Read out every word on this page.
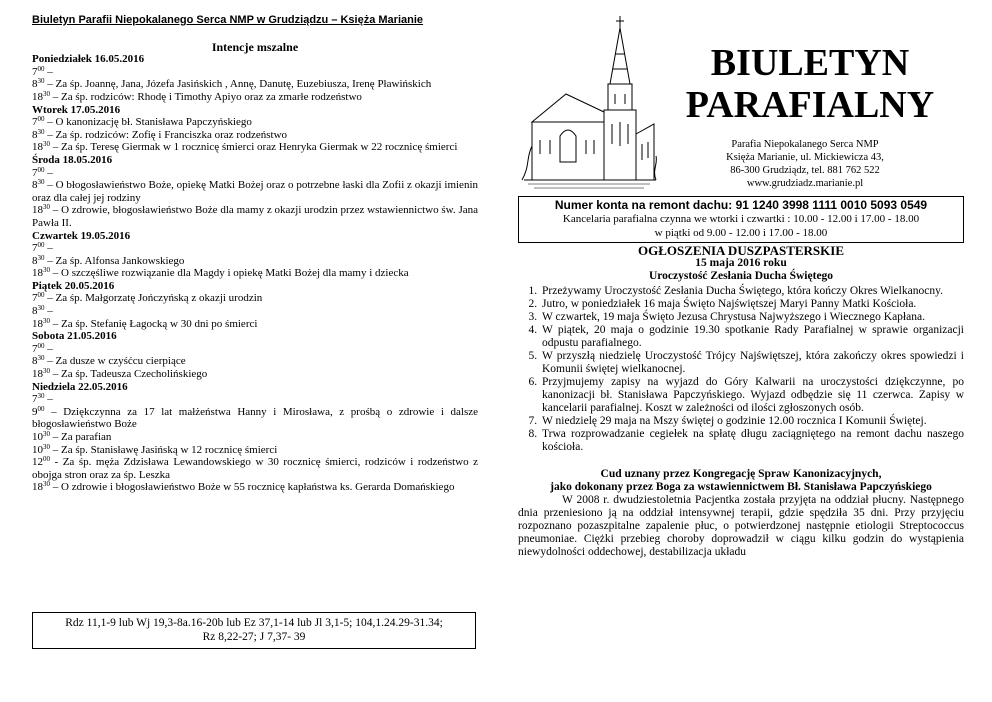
Biuletyn Parafii Niepokalanego Serca NMP w Grudziądzu – Księża Marianie
Intencje mszalne
Poniedziałek 16.05.2016
$7^{00}$ –
$8^{30}$ – Za śp. Joannę, Jana, Józefa Jasińskich , Annę, Danutę, Euzebiusza, Irenę Pławińskich
$18^{30}$ – Za śp. rodziców: Rhodę i Timothy Apiyo oraz za zmarłe rodzeństwo
Wtorek 17.05.2016
$7^{00}$ – O kanonizację bł. Stanisława Papczyńskiego
$8^{30}$ – Za śp. rodziców: Zofię i Franciszka oraz rodzeństwo
$18^{30}$ – Za śp. Teresę Giermak w 1 rocznicę śmierci oraz Henryka Giermak w 22 rocznicę śmierci
Środa 18.05.2016
$7^{00}$ –
$8^{30}$ – O błogosławieństwo Boże, opiekę Matki Bożej oraz o potrzebne łaski dla Zofii z okazji imienin oraz dla całej jej rodziny
$18^{30}$ – O zdrowie, błogosławieństwo Boże dla mamy z okazji urodzin przez wstawiennictwo św. Jana Pawła II.
Czwartek 19.05.2016
$7^{00}$ –
$8^{30}$ – Za śp. Alfonsa Jankowskiego
$18^{30}$ – O szczęśliwe rozwiązanie dla Magdy i opiekę Matki Bożej dla mamy i dziecka
Piątek 20.05.2016
$7^{00}$ – Za śp. Małgorzatę Jończyńską z okazji urodzin
$8^{30}$ –
$18^{30}$ – Za śp. Stefanię Łagocką w 30 dni po śmierci
Sobota 21.05.2016
$7^{00}$ –
$8^{30}$ – Za dusze w czyśćcu cierpiące
$18^{30}$ – Za śp. Tadeusza Czecholińskiego
Niedziela 22.05.2016
$7^{30}$ –
$9^{00}$ – Dziękczynna za 17 lat małżeństwa Hanny i Mirosława, z prośbą o zdrowie i dalsze błogosławieństwo Boże
$10^{30}$ – Za parafian
$10^{30}$ – Za śp. Stanisławę Jasińską w 12 rocznicę śmierci
$12^{00}$ - Za śp. męża Zdzisława Lewandowskiego w 30 rocznicę śmierci, rodziców i rodzeństwo z obojga stron oraz za śp. Leszka
$18^{30}$ – O zdrowie i błogosławieństwo Boże w 55 rocznicę kapłaństwa ks. Gerarda Domańskiego
Rdz 11,1-9 lub Wj 19,3-8a.16-20b lub Ez 37,1-14 lub Jl 3,1-5; 104,1.24.29-31.34;
Rz 8,22-27; J 7,37- 39
BIULETYN
PARAFIALNY
Parafia Niepokalanego Serca NMP
Księża Marianie, ul. Mickiewicza 43,
86-300 Grudziądz, tel. 881 762 522
www.grudziadz.marianie.pl
Numer konta na remont dachu: 91 1240 3998 1111 0010 5093 0549
Kancelaria parafialna czynna we wtorki i czwartki : 10.00 - 12.00 i 17.00 - 18.00
w piątki od 9.00 - 12.00 i 17.00 - 18.00
OGŁOSZENIA DUSZPASTERSKIE
15 maja 2016 roku
Uroczystość Zesłania Ducha Świętego
1. Przeżywamy Uroczystość Zesłania Ducha Świętego, która kończy Okres Wielkanocny.
2. Jutro, w poniedziałek 16 maja Święto Najświętszej Maryi Panny Matki Kościoła.
3. W czwartek, 19 maja Święto Jezusa Chrystusa Najwyższego i Wiecznego Kapłana.
4. W piątek, 20 maja o godzinie 19.30 spotkanie Rady Parafialnej w sprawie organizacji odpustu parafialnego.
5. W przyszłą niedzielę Uroczystość Trójcy Najświętszej, która zakończy okres spowiedzi i Komunii świętej wielkanocnej.
6. Przyjmujemy zapisy na wyjazd do Góry Kalwarii na uroczystości dziękczynne, po kanonizacji bł. Stanisława Papczyńskiego. Wyjazd odbędzie się 11 czerwca. Zapisy w kancelarii parafialnej. Koszt w zależności od ilości zgłoszonych osób.
7. W niedzielę 29 maja na Mszy świętej o godzinie 12.00 rocznica I Komunii Świętej.
8. Trwa rozprowadzanie cegiełek na spłatę długu zaciągniętego na remont dachu naszego kościoła.
Cud uznany przez Kongregację Spraw Kanonizacyjnych,
jako dokonany przez Boga za wstawiennictwem Bł. Stanisława Papczyńskiego
W 2008 r. dwudziestoletnia Pacjentka została przyjęta na oddział płucny. Następnego dnia przeniesiono ją na oddział intensywnej terapii, gdzie spędziła 35 dni. Przy przyjęciu rozpoznano pozaszpitalne zapalenie płuc, o potwierdzonej następnie etiologii Streptococcus pneumoniae. Ciężki przebieg choroby doprowadził w ciągu kilku godzin do wystąpienia niewydolności oddechowej, destabilizacja układu
